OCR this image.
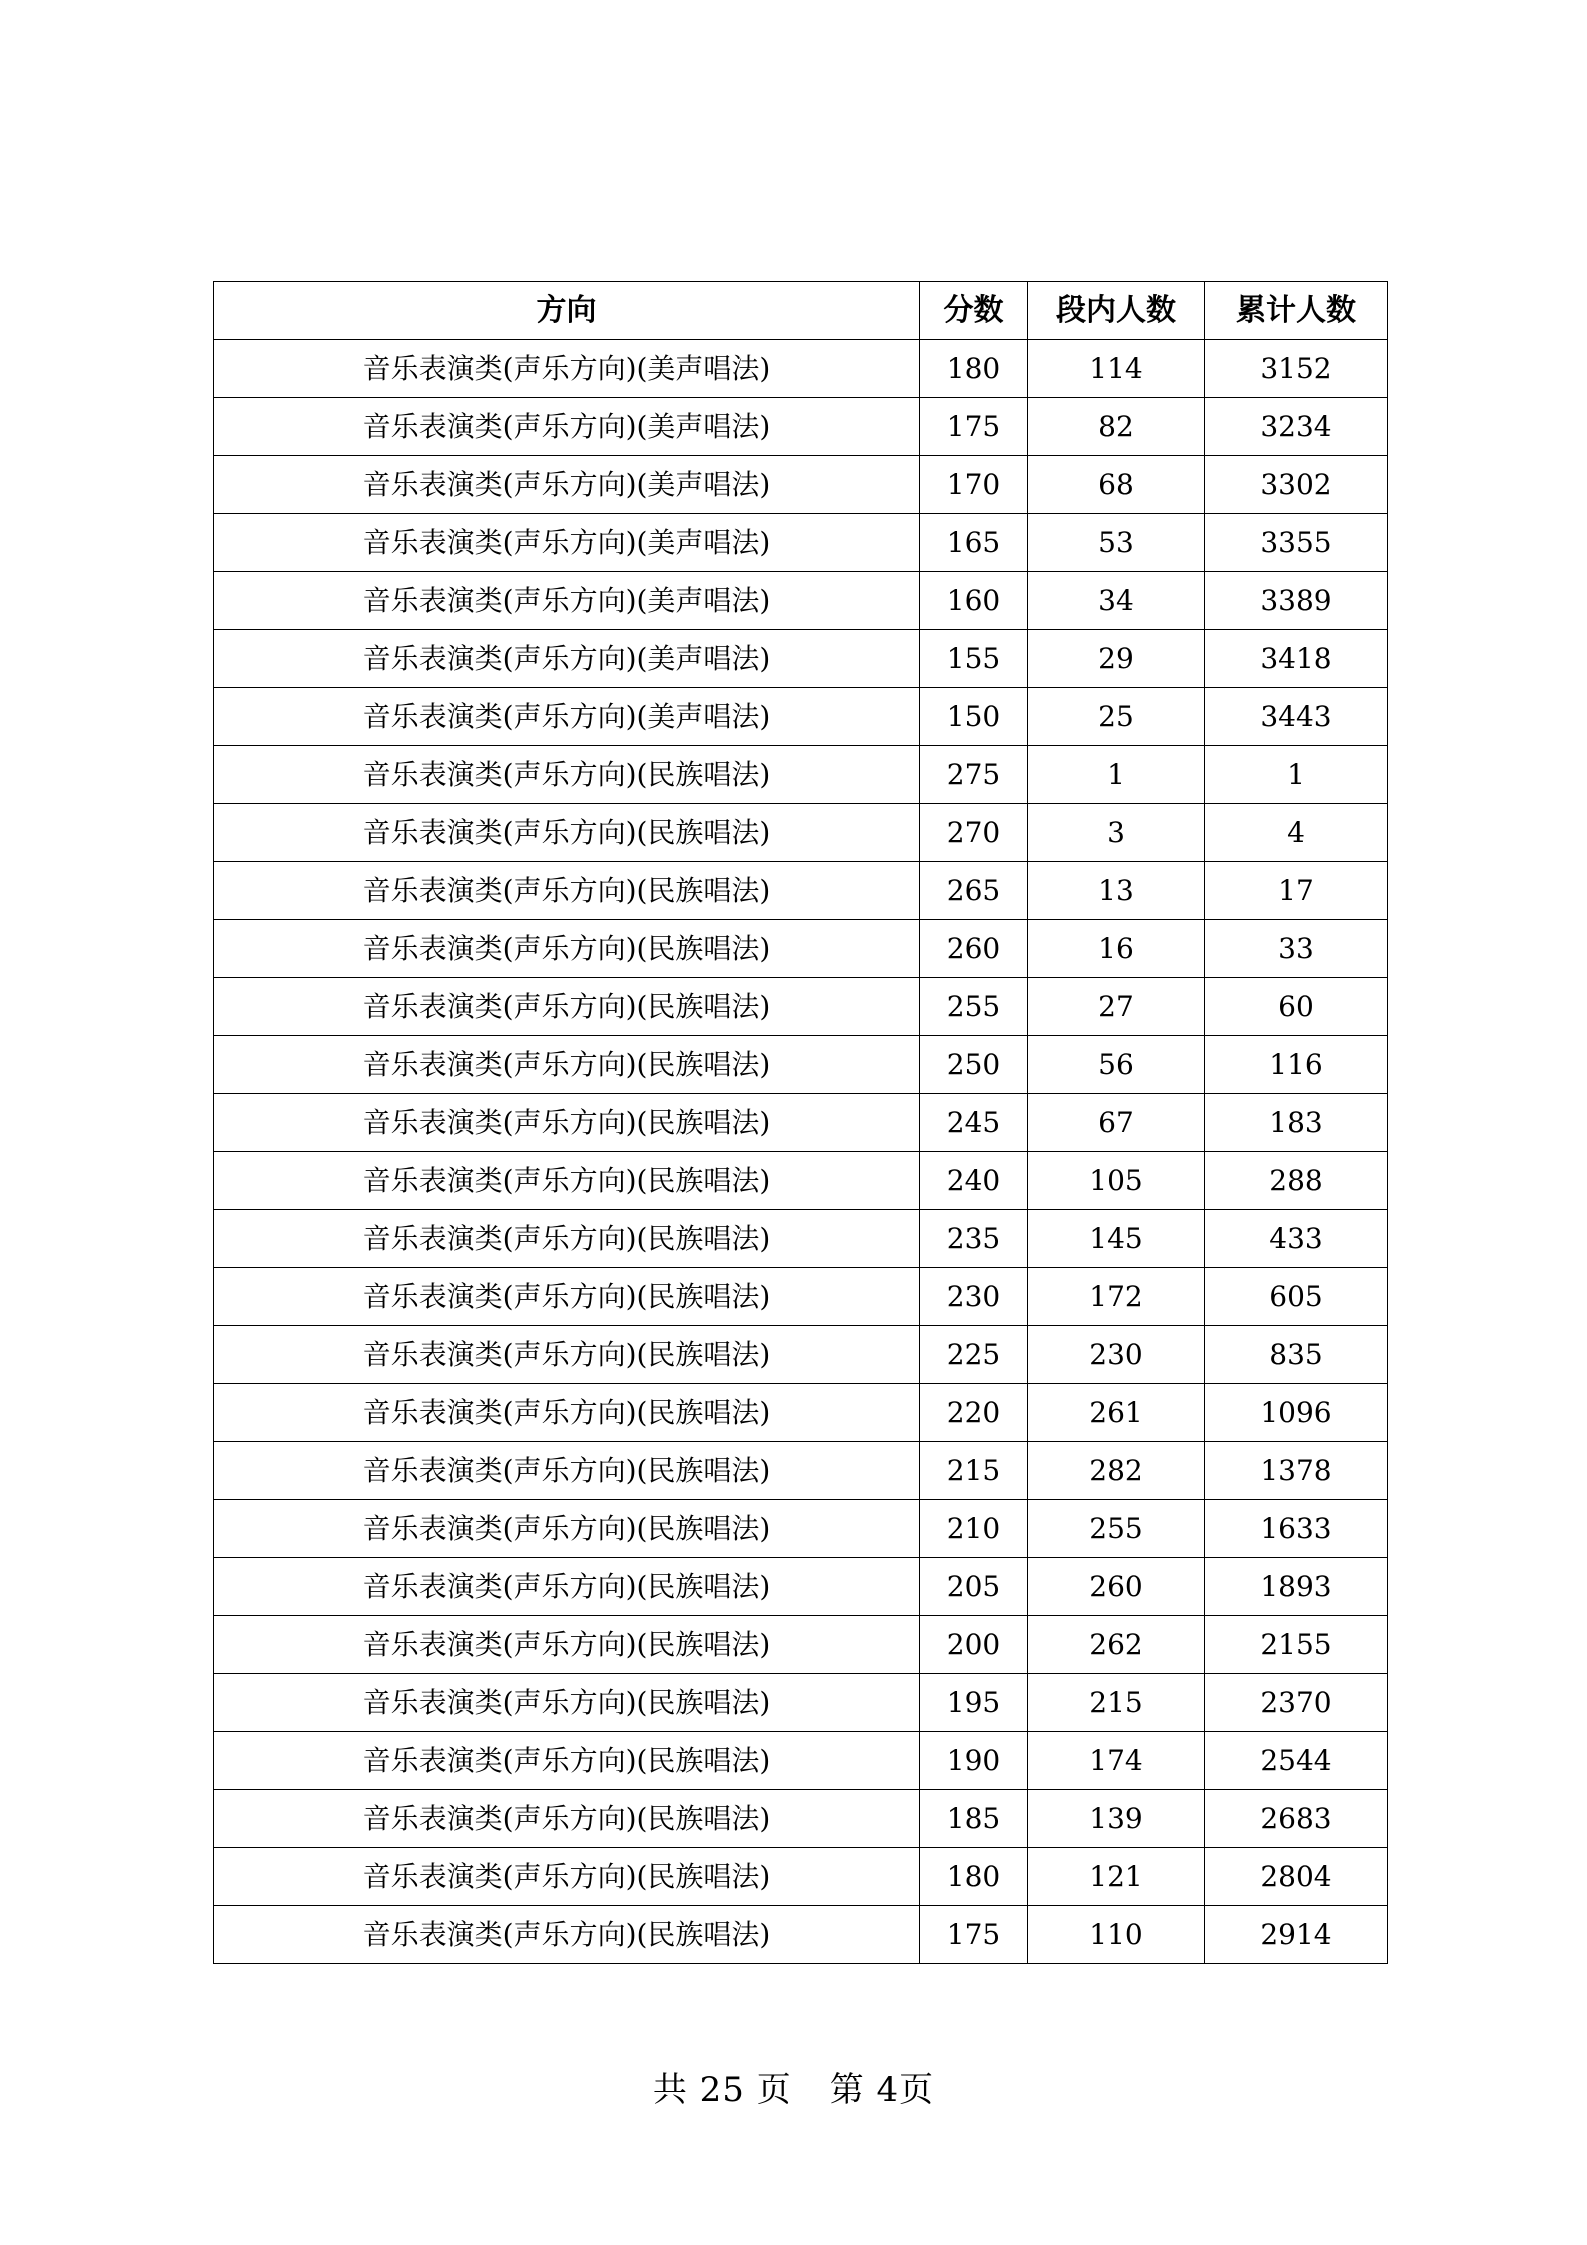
方向	分数	段内人数	累计人数
音乐表演类(声乐方向)(美声唱法)	180	114	3152
音乐表演类(声乐方向)(美声唱法)	175	82	3234
音乐表演类(声乐方向)(美声唱法)	170	68	3302
音乐表演类(声乐方向)(美声唱法)	165	53	3355
音乐表演类(声乐方向)(美声唱法)	160	34	3389
音乐表演类(声乐方向)(美声唱法)	155	29	3418
音乐表演类(声乐方向)(美声唱法)	150	25	3443
音乐表演类(声乐方向)(民族唱法)	275	1	1
音乐表演类(声乐方向)(民族唱法)	270	3	4
音乐表演类(声乐方向)(民族唱法)	265	13	17
音乐表演类(声乐方向)(民族唱法)	260	16	33
音乐表演类(声乐方向)(民族唱法)	255	27	60
音乐表演类(声乐方向)(民族唱法)	250	56	116
音乐表演类(声乐方向)(民族唱法)	245	67	183
音乐表演类(声乐方向)(民族唱法)	240	105	288
音乐表演类(声乐方向)(民族唱法)	235	145	433
音乐表演类(声乐方向)(民族唱法)	230	172	605
音乐表演类(声乐方向)(民族唱法)	225	230	835
音乐表演类(声乐方向)(民族唱法)	220	261	1096
音乐表演类(声乐方向)(民族唱法)	215	282	1378
音乐表演类(声乐方向)(民族唱法)	210	255	1633
音乐表演类(声乐方向)(民族唱法)	205	260	1893
音乐表演类(声乐方向)(民族唱法)	200	262	2155
音乐表演类(声乐方向)(民族唱法)	195	215	2370
音乐表演类(声乐方向)(民族唱法)	190	174	2544
音乐表演类(声乐方向)(民族唱法)	185	139	2683
音乐表演类(声乐方向)(民族唱法)	180	121	2804
音乐表演类(声乐方向)(民族唱法)	175	110	2914
共 25 页 第 4页
